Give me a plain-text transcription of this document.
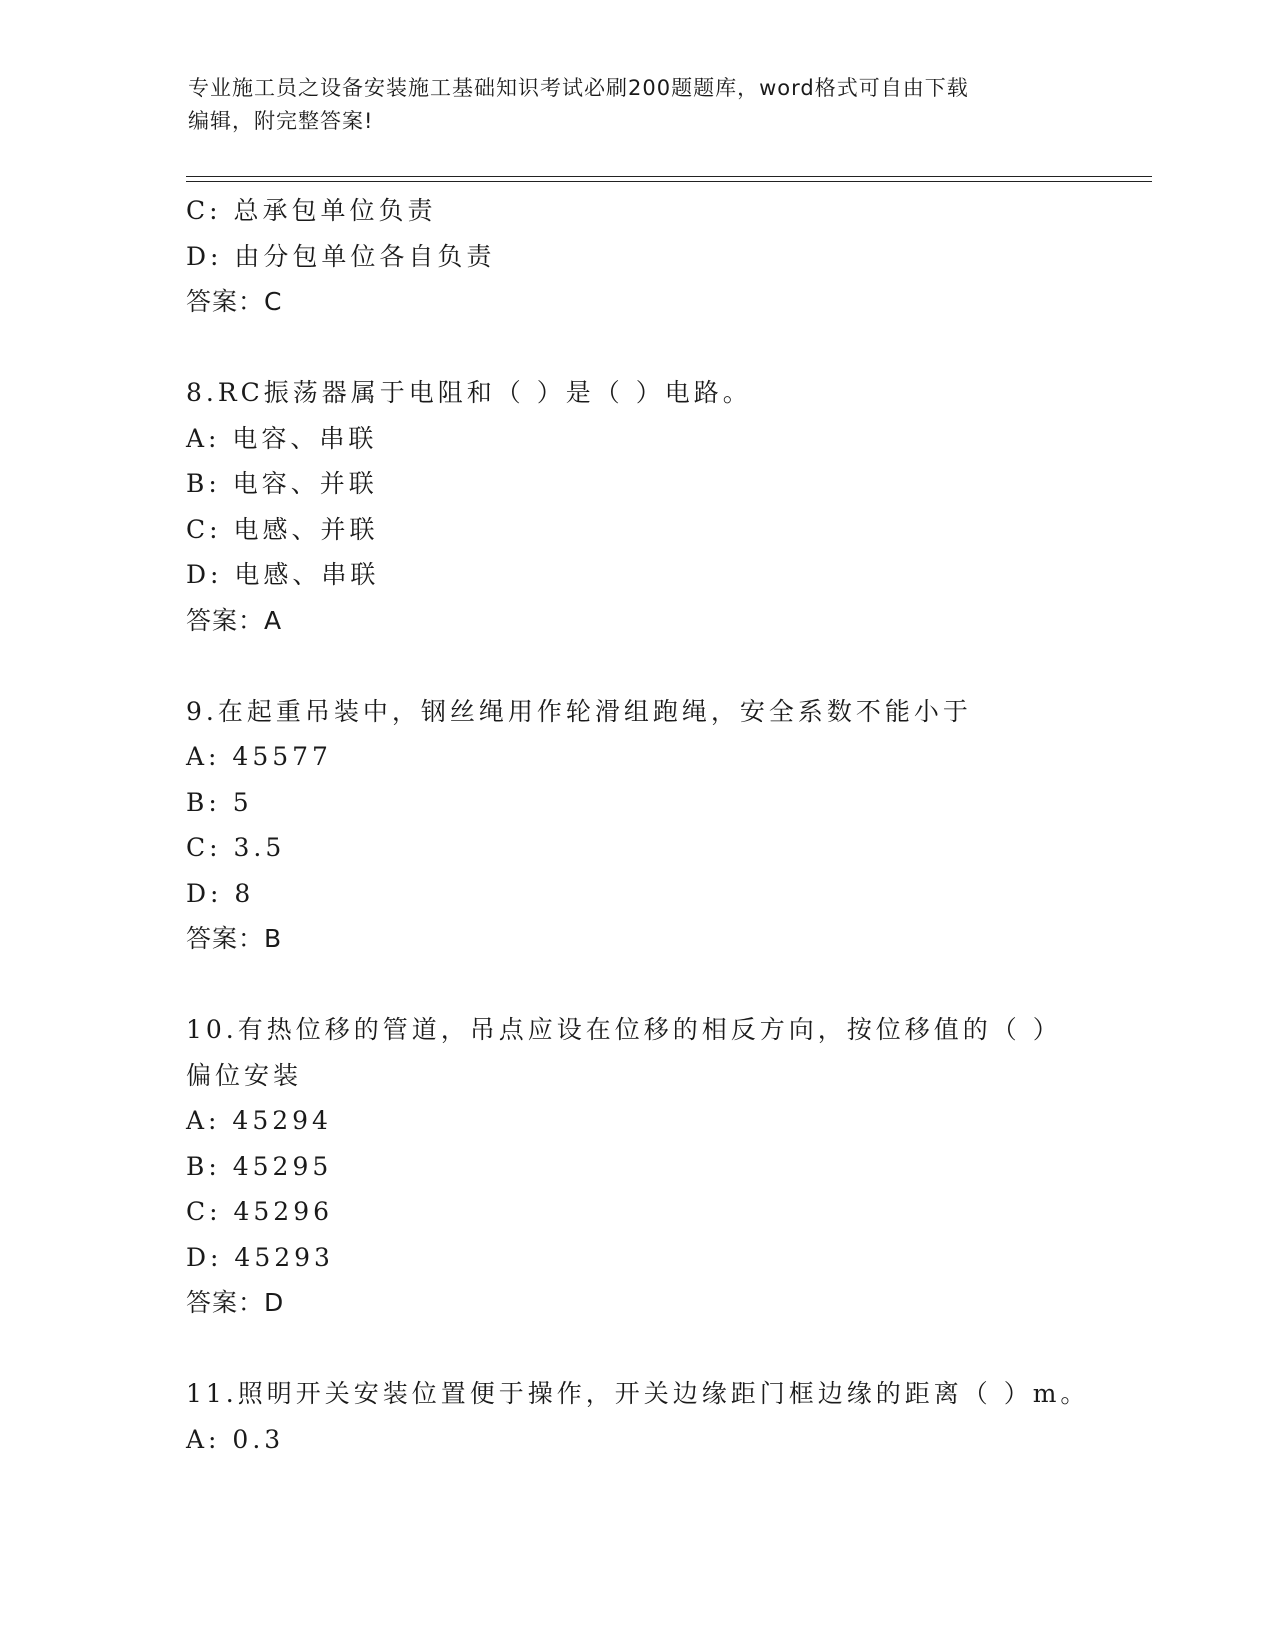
专业施工员之设备安装施工基础知识考试必刷200题题库，word格式可自由下载
编辑，附完整答案!
C: 总承包单位负责
D: 由分包单位各自负责
答案：C
8.RC振荡器属于电阻和（ ）是（ ）电路。
A: 电容、串联
B: 电容、并联
C: 电感、并联
D: 电感、串联
答案：A
9.在起重吊装中，钢丝绳用作轮滑组跑绳，安全系数不能小于
A: 45577
B: 5
C: 3.5
D: 8
答案：B
10.有热位移的管道，吊点应设在位移的相反方向，按位移值的（ ）
偏位安装
A: 45294
B: 45295
C: 45296
D: 45293
答案：D
11.照明开关安装位置便于操作，开关边缘距门框边缘的距离（ ）m。
A: 0.3
